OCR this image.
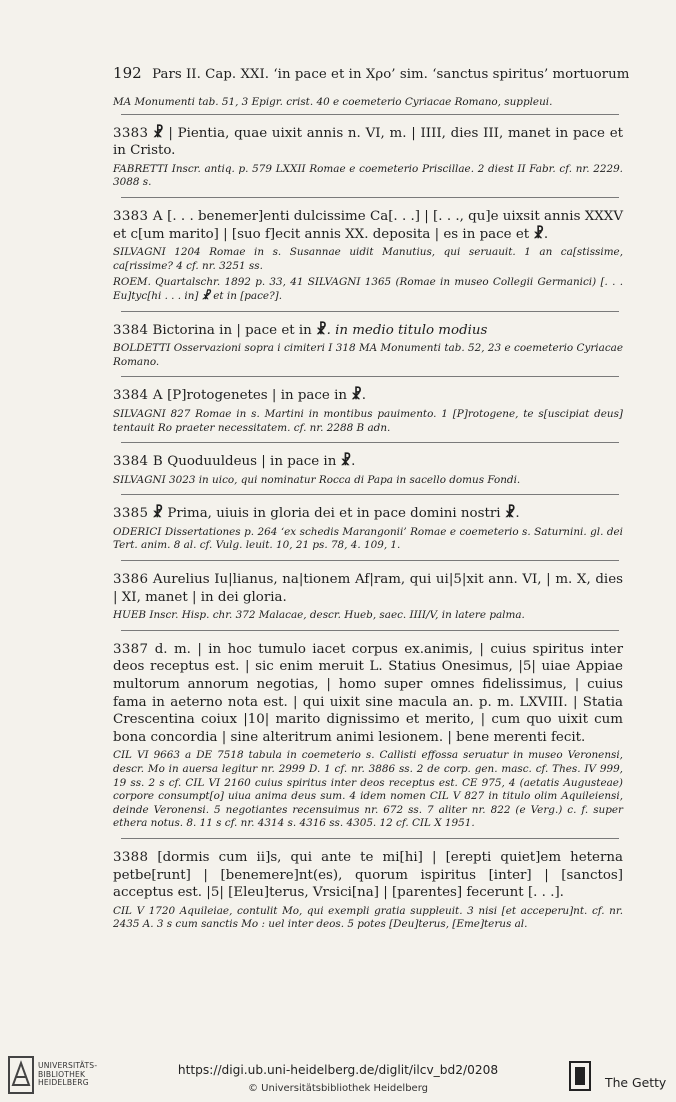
192 Pars II. Cap. XXI. ‘in pace et in Xρo’ sim. ‘sanctus spiritus’ mortuorum
MA Monumenti tab. 51, 3 Epigr. crist. 40 e coemeterio Cyriacae Romano, suppleui.
3383 ☧ | Pientia, quae uixit annis n. VI, m. | IIII, dies III, manet in pace et in Cristo.
FABRETTI Inscr. antiq. p. 579 LXXII Romae e coemeterio Priscillae. 2 diest II Fabr. cf. nr. 2229. 3088 s.
3383 A [. . . benemer]enti dulcissime Ca[. . .] | [. . ., qu]e uixsit annis XXXV et c[um marito] | [suo f]ecit annis XX. deposita | es in pace et ☧.
SILVAGNI 1204 Romae in s. Susannae uidit Manutius, qui seruauit. 1 an ca[stissime, ca[rissime? 4 cf. nr. 3251 ss.
ROEM. Quartalschr. 1892 p. 33, 41 SILVAGNI 1365 (Romae in museo Collegii Germanici) [. . . Eu]tyc[hi . . . in] ☧ et in [pace?].
3384 Bictorina in | pace et in ☧. in medio titulo modius
BOLDETTI Osservazioni sopra i cimiteri I 318 MA Monumenti tab. 52, 23 e coemeterio Cyriacae Romano.
3384 A [P]rotogenetes | in pace in ☧.
SILVAGNI 827 Romae in s. Martini in montibus pauimento. 1 [P]rotogene, te s[uscipiat deus] tentauit Ro praeter necessitatem. cf. nr. 2288 B adn.
3384 B Quoduuldeus | in pace in ☧.
SILVAGNI 3023 in uico, qui nominatur Rocca di Papa in sacello domus Fondi.
3385 ☧ Prima, uiuis in gloria dei et in pace domini nostri ☧.
ODERICI Dissertationes p. 264 ‘ex schedis Marangonii’ Romae e coemeterio s. Saturnini. gl. dei Tert. anim. 8 al. cf. Vulg. leuit. 10, 21 ps. 78, 4. 109, 1.
3386 Aurelius Iu|lianus, na|tionem Af|ram, qui ui|5|xit ann. VI, | m. X, dies | XI, manet | in dei gloria.
HUEB Inscr. Hisp. chr. 372 Malacae, descr. Hueb, saec. IIII/V, in latere palma.
3387 d. m. | in hoc tumulo iacet corpus ex.animis, | cuius spiritus inter deos receptus est. | sic enim meruit L. Statius Onesimus, |5| uiae Appiae multorum annorum negotias, | homo super omnes fidelissimus, | cuius fama in aeterno nota est. | qui uixit sine macula an. p. m. LXVIII. | Statia Crescentina coiux |10| marito dignissimo et merito, | cum quo uixit cum bona concordia | sine alteritrum animi lesionem. | bene merenti fecit.
CIL VI 9663 a DE 7518 tabula in coemeterio s. Callisti effossa seruatur in museo Veronensi, descr. Mo in auersa legitur nr. 2999 D. 1 cf. nr. 3886 ss. 2 de corp. gen. masc. cf. Thes. IV 999, 19 ss. 2 s cf. CIL VI 2160 cuius spiritus inter deos receptus est. CE 975, 4 (aetatis Augusteae) corpore consumpt[o] uiua anima deus sum. 4 idem nomen CIL V 827 in titulo olim Aquileiensi, deinde Veronensi. 5 negotiantes recensuimus nr. 672 ss. 7 aliter nr. 822 (e Verg.) c. f. super ethera notus. 8. 11 s cf. nr. 4314 s. 4316 ss. 4305. 12 cf. CIL X 1951.
3388 [dormis cum ii]s, qui ante te mi[hi] | [erepti quiet]em heterna petbe[runt] | [benemere]nt(es), quorum ispiritus [inter] | [sanctos] acceptus est. |5| [Eleu]terus, Vrsici[na] | [parentes] fecerunt [. . .].
CIL V 1720 Aquileiae, contulit Mo, qui exempli gratia suppleuit. 3 nisi [et acceperu]nt. cf. nr. 2435 A. 3 s cum sanctis Mo : uel inter deos. 5 potes [Deu]terus, [Eme]terus al.
UNIVERSITÄTS-
BIBLIOTHEK
HEIDELBERG
https://digi.ub.uni-heidelberg.de/diglit/ilcv_bd2/0208
© Universitätsbibliothek Heidelberg	The Getty
